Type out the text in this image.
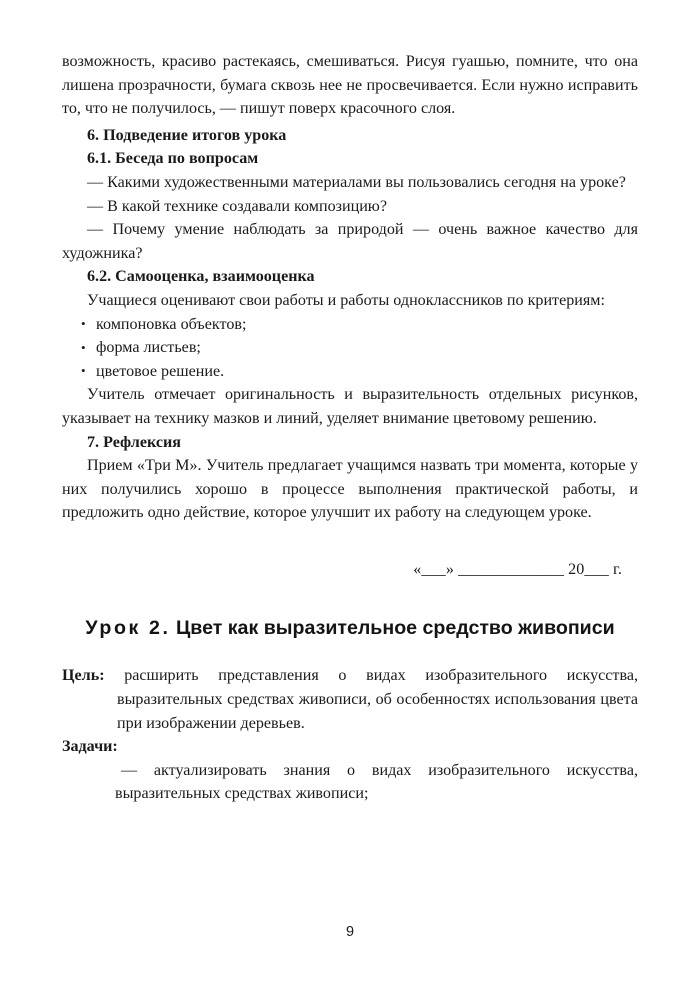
возможность, красиво растекаясь, смешиваться. Рисуя гуашью, помните, что она лишена прозрачности, бумага сквозь нее не просвечивается. Если нужно исправить то, что не получилось, — пишут поверх красочного слоя.

6. Подведение итогов урока

6.1. Беседа по вопросам

— Какими художественными материалами вы пользовались сегодня на уроке?

— В какой технике создавали композицию?

— Почему умение наблюдать за природой — очень важное качество для художника?

6.2. Самооценка, взаимооценка

Учащиеся оценивают свои работы и работы одноклассников по критериям:

• компоновка объектов;
• форма листьев;
• цветовое решение.

Учитель отмечает оригинальность и выразительность отдельных рисунков, указывает на технику мазков и линий, уделяет внимание цветовому решению.

7. Рефлексия

Прием «Три М». Учитель предлагает учащимся назвать три момента, которые у них получились хорошо в процессе выполнения практической работы, и предложить одно действие, которое улучшит их работу на следующем уроке.

«___» _____________ 20___ г.

Урок 2. Цвет как выразительное средство живописи

Цель: расширить представления о видах изобразительного искусства, выразительных средствах живописи, об особенностях использования цвета при изображении деревьев.

Задачи:

— актуализировать знания о видах изобразительного искусства, выразительных средствах живописи;

9
